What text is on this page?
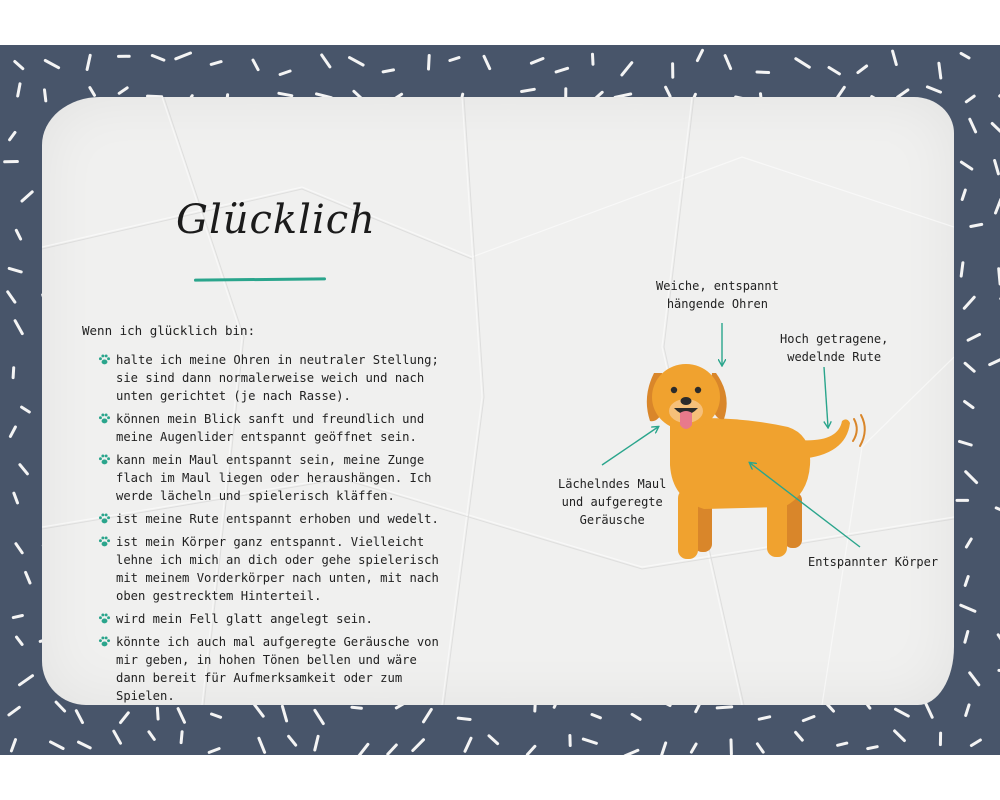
Glücklich

Wenn ich glücklich bin:

halte ich meine Ohren in neutraler Stellung; sie sind dann normalerweise weich und nach unten gerichtet (je nach Rasse).
können mein Blick sanft und freundlich und meine Augenlider entspannt geöffnet sein.
kann mein Maul entspannt sein, meine Zunge flach im Maul liegen oder heraushängen. Ich werde lächeln und spielerisch kläffen.
ist meine Rute entspannt erhoben und wedelt.
ist mein Körper ganz entspannt. Vielleicht lehne ich mich an dich oder gehe spielerisch mit meinem Vorderkörper nach unten, mit nach oben gestrecktem Hinterteil.
wird mein Fell glatt angelegt sein.
könnte ich auch mal aufgeregte Geräusche von mir geben, in hohen Tönen bellen und wäre dann bereit für Aufmerksamkeit oder zum Spielen.
Weiche, entspannt
hängende Ohren
Hoch getragene,
wedelnde Rute
Lächelndes Maul
und aufgeregte
Geräusche
Entspannter Körper
